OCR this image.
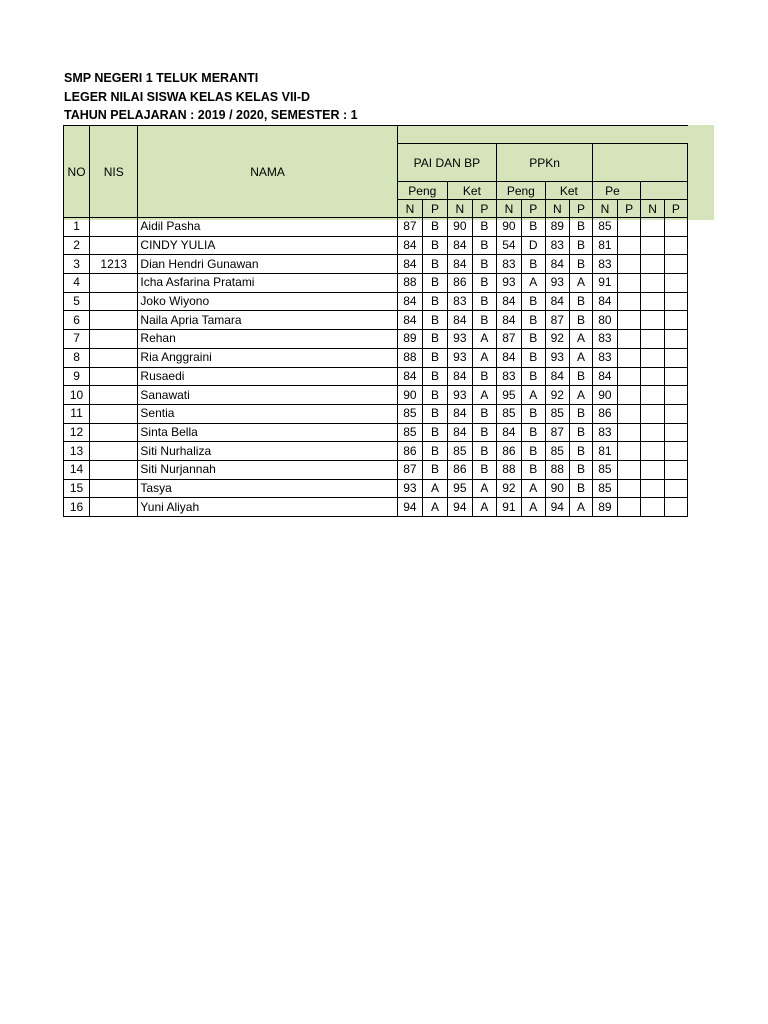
SMP NEGERI 1 TELUK MERANTI
LEGER NILAI SISWA KELAS KELAS VII-D
TAHUN PELAJARAN : 2019 / 2020, SEMESTER : 1
NO	NIS	NAMA												
			PAI DAN BP				PPKn							
			Peng		Ket		Peng		Ket		Pe			
			N	P	N	P	N	P	N	P	N	P	N	P
1		Aidil Pasha	87	B	90	B	90	B	89	B	85			
2		CINDY YULIA	84	B	84	B	54	D	83	B	81			
3	1213	Dian Hendri Gunawan	84	B	84	B	83	B	84	B	83			
4		Icha Asfarina Pratami	88	B	86	B	93	A	93	A	91			
5		Joko Wiyono	84	B	83	B	84	B	84	B	84			
6		Naila Apria Tamara	84	B	84	B	84	B	87	B	80			
7		Rehan	89	B	93	A	87	B	92	A	83			
8		Ria Anggraini	88	B	93	A	84	B	93	A	83			
9		Rusaedi	84	B	84	B	83	B	84	B	84			
10		Sanawati	90	B	93	A	95	A	92	A	90			
11		Sentia	85	B	84	B	85	B	85	B	86			
12		Sinta Bella	85	B	84	B	84	B	87	B	83			
13		Siti Nurhaliza	86	B	85	B	86	B	85	B	81			
14		Siti Nurjannah	87	B	86	B	88	B	88	B	85			
15		Tasya	93	A	95	A	92	A	90	B	85			
16		Yuni Aliyah	94	A	94	A	91	A	94	A	89			
